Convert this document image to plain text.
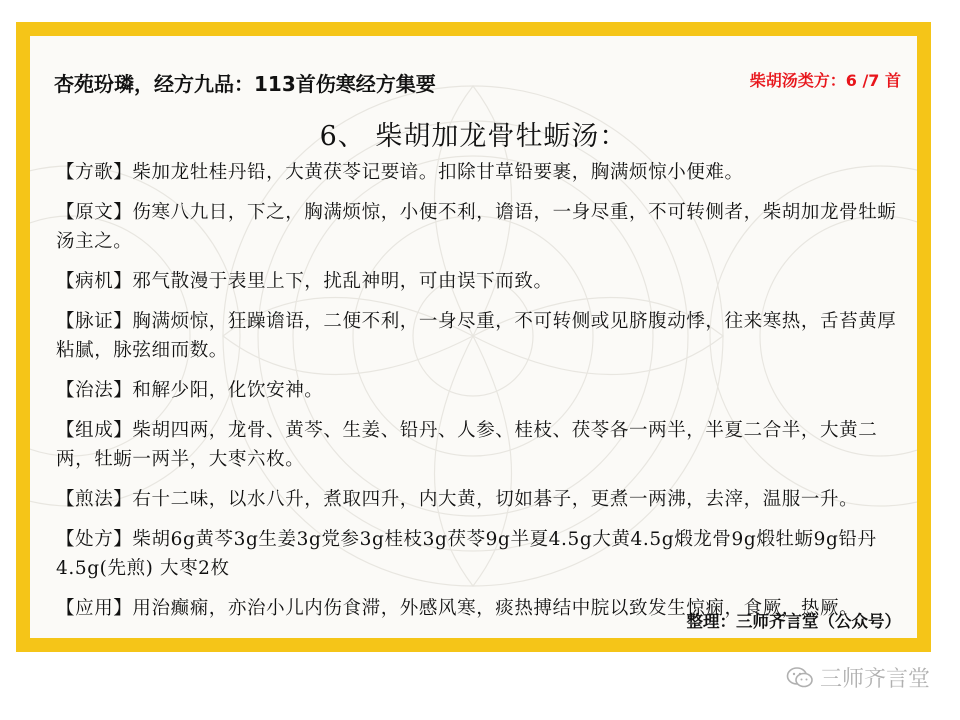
杏苑玢璘，经方九品：113首伤寒经方集要	柴胡汤类方：6 /7 首
6、 柴胡加龙骨牡蛎汤：

【方歌】柴加龙牡桂丹铅，大黄茯苓记要谙。扣除甘草铅要裹，胸满烦惊小便难。

【原文】伤寒八九日，下之，胸满烦惊，小便不利，谵语，一身尽重，不可转侧者，柴胡加龙骨牡蛎汤主之。

【病机】邪气散漫于表里上下，扰乱神明，可由误下而致。

【脉证】胸满烦惊，狂躁谵语，二便不利，一身尽重，不可转侧或见脐腹动悸，往来寒热，舌苔黄厚粘腻，脉弦细而数。

【治法】和解少阳，化饮安神。

【组成】柴胡四两，龙骨、黄芩、生姜、铅丹、人参、桂枝、茯苓各一两半，半夏二合半，大黄二两，牡蛎一两半，大枣六枚。

【煎法】右十二味，以水八升，煮取四升，内大黄，切如碁子，更煮一两沸，去滓，温服一升。

【处方】柴胡6g黄芩3g生姜3g党参3g桂枝3g茯苓9g半夏4.5g大黄4.5g煅龙骨9g煅牡蛎9g铅丹4.5g(先煎) 大枣2枚

【应用】用治癫痫，亦治小儿内伤食滞，外感风寒，痰热搏结中脘以致发生惊痫，食厥，热厥。

整理：三师齐言堂（公众号）
三师齐言堂
